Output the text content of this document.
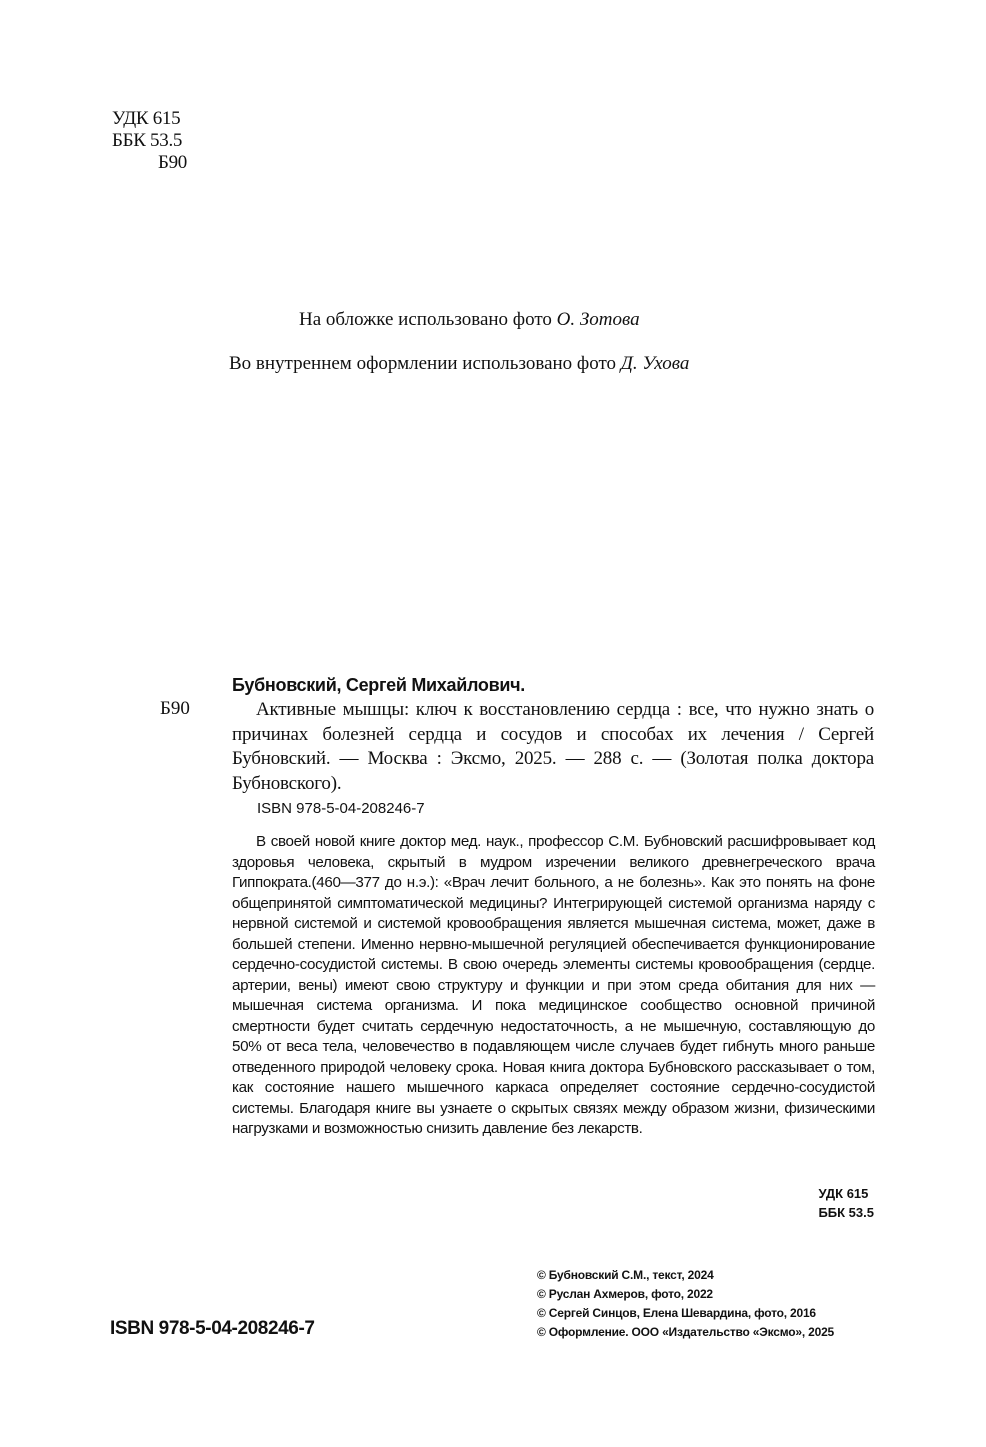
УДК 615
ББК 53.5
Б90
На обложке использовано фото О. Зотова
Во внутреннем оформлении использовано фото Д. Ухова
Бубновский, Сергей Михайлович.
Б90	Активные мышцы: ключ к восстановлению сердца : все, что нужно знать о причинах болезней сердца и сосудов и способах их лечения / Сергей Бубновский. — Москва : Эксмо, 2025. — 288 с. — (Золотая полка доктора Бубновского).
ISBN 978-5-04-208246-7
В своей новой книге доктор мед. наук., профессор С.М. Бубновский расшифровывает код здоровья человека, скрытый в мудром изречении великого древнегреческого врача Гиппократа.(460—377 до н.э.): «Врач лечит больного, а не болезнь». Как это понять на фоне общепринятой симптоматической медицины? Интегрирующей системой организма наряду с нервной системой и системой кровообращения является мышечная система, может, даже в большей степени. Именно нервно-мышечной регуляцией обеспечивается функционирование сердечно-сосудистой системы. В свою очередь элементы системы кровообращения (сердце. артерии, вены) имеют свою структуру и функции и при этом среда обитания для них — мышечная система организма. И пока медицинское сообщество основной причиной смертности будет считать сердечную недостаточность, а не мышечную, составляющую до 50% от веса тела, человечество в подавляющем числе случаев будет гибнуть много раньше отведенного природой человеку срока. Новая книга доктора Бубновского рассказывает о том, как состояние нашего мышечного каркаса определяет состояние сердечно-сосудистой системы. Благодаря книге вы узнаете о скрытых связях между образом жизни, физическими нагрузками и возможностью снизить давление без лекарств.
УДК 615
ББК 53.5
© Бубновский С.М., текст, 2024
© Руслан Ахмеров, фото, 2022
© Сергей Синцов, Елена Шевардина, фото, 2016
© Оформление. ООО «Издательство «Эксмо», 2025
ISBN 978-5-04-208246-7
